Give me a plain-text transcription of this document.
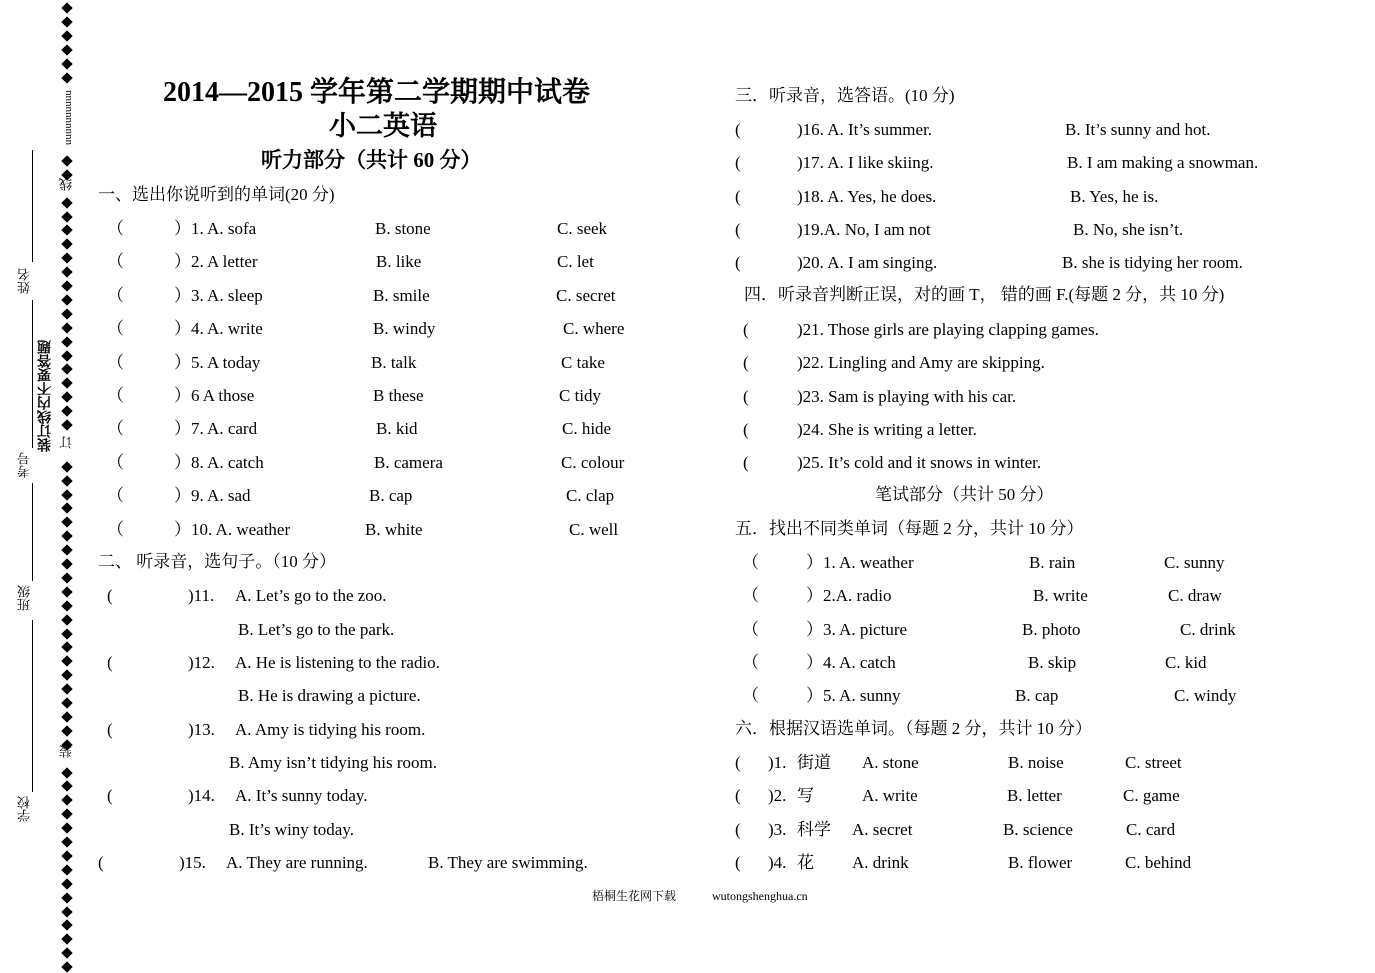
uuuuuuuuuu
线
订
装
装订线内不要答题
姓名
考号
班级
学校
2014—2015 学年第二学期期中试卷
小二英语
听力部分（共计 60 分）
一、选出你说听到的单词(20 分)
（	）1. A. sofa	B. stone	C. seek
（	）2. A letter	B. like	C. let
（	）3. A. sleep	B. smile	C. secret
（	）4. A. write	B. windy	C. where
（	）5. A today	B. talk	C take
（	）6 A those	B these	C tidy
（	）7. A. card	B. kid	C. hide
（	）8. A. catch	B. camera	C. colour
（	）9. A. sad	B. cap	C. clap
（	）10. A. weather	B. white	C. well
二、 听录音，选句子。（10 分）
(	)11. A. Let’s go to the zoo.
B. Let’s go to the park.
(	)12. A. He is listening to the radio.
B. He is drawing a picture.
(	)13. A. Amy is tidying his room.
B. Amy isn’t tidying his room.
(	)14. A. It’s sunny today.
B. It’s winy today.
(	)15. A. They are running.	B. They are swimming.
三．听录音，选答语。(10 分)
(	)16. A. It’s summer.	B. It’s sunny and hot.
(	)17. A. I like skiing.	B. I am making a snowman.
(	)18. A. Yes, he does.	B. Yes, he is.
(	)19.A. No, I am not	B. No, she isn’t.
(	)20. A. I am singing.	B. she is tidying her room.
四．听录音判断正误，对的画 T， 错的画 F.(每题 2 分，共 10 分)
(	)21. Those girls are playing clapping games.
(	)22. Lingling and Amy are skipping.
(	)23. Sam is playing with his car.
(	)24. She is writing a letter.
(	)25. It’s cold and it snows in winter.
笔试部分（共计 50 分）
五．找出不同类单词（每题 2 分，共计 10 分）
（	）1. A. weather	B. rain	C. sunny
（	）2.A. radio	B. write	C. draw
（	）3. A. picture	B. photo	C. drink
（	）4. A. catch	B. skip	C. kid
（	）5. A. sunny	B. cap	C. windy
六．根据汉语选单词。（每题 2 分，共计 10 分）
( )1. 街道 A. stone	B. noise	C. street
( )2. 写	A. write	B. letter	C. game
( )3. 科学 A. secret	B. science	C. card
( )4. 花 A. drink	B. flower	C. behind
梧桐生花网下载	wutongshenghua.cn
